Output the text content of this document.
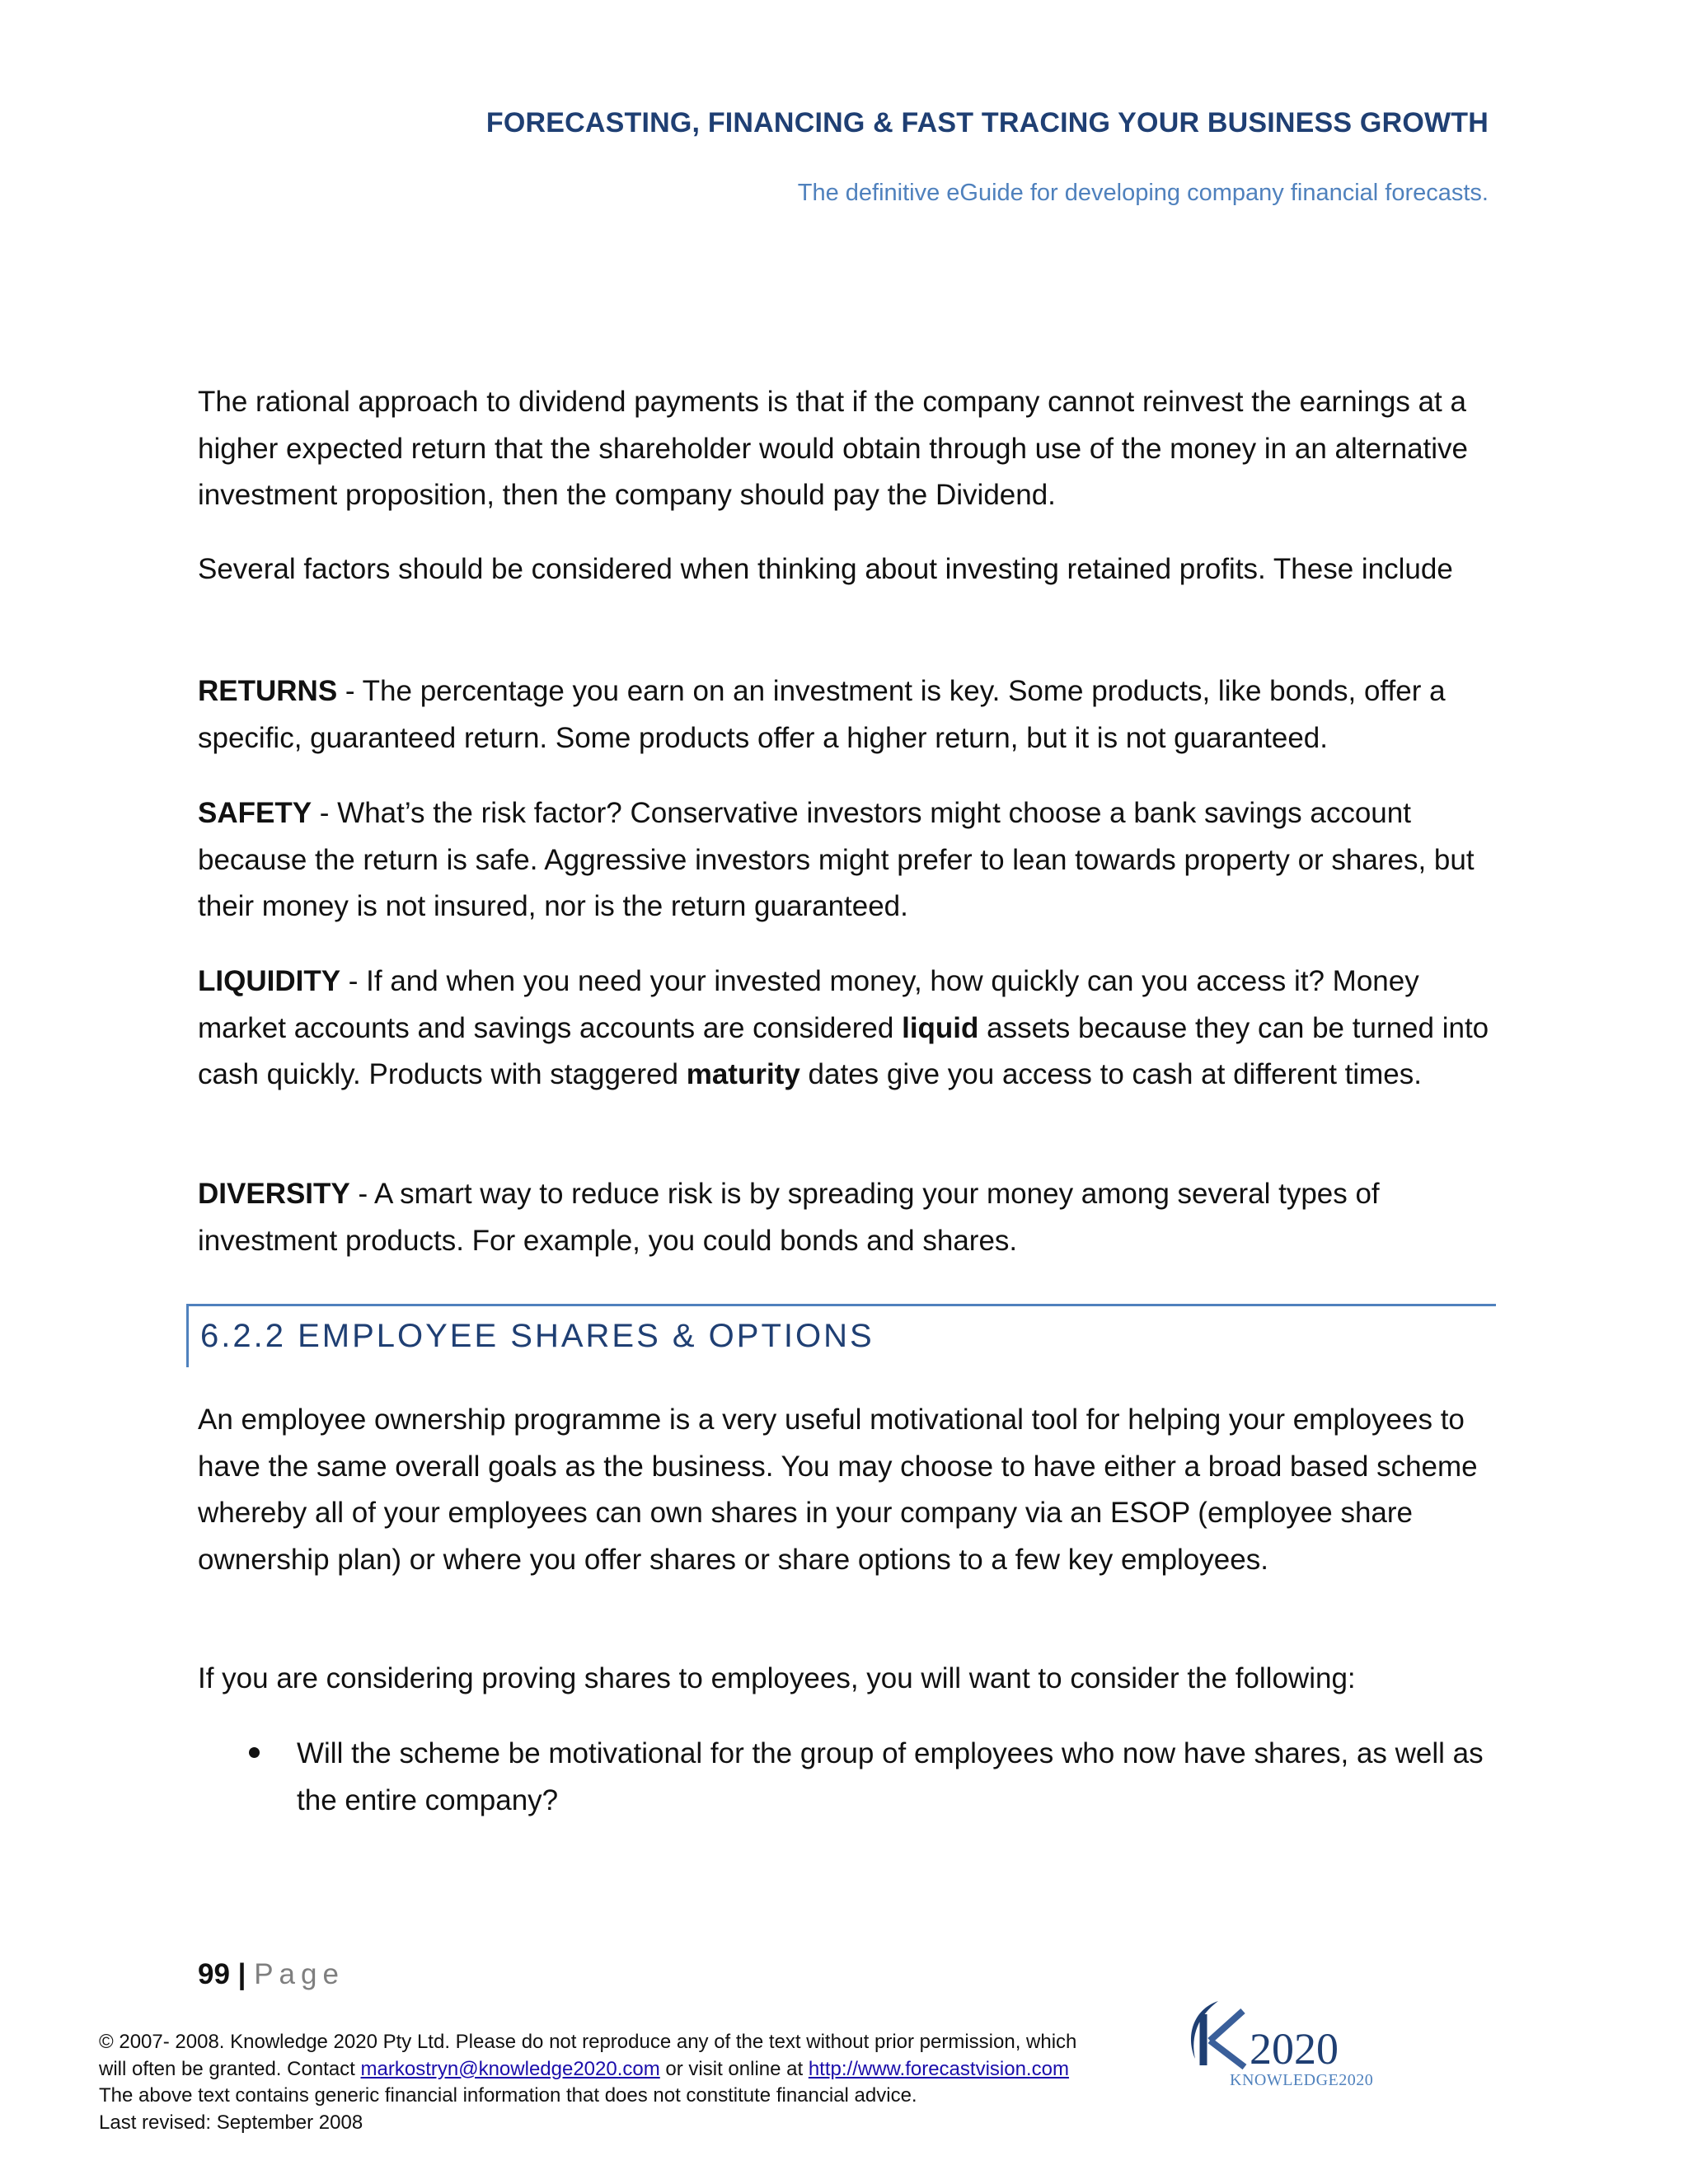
FORECASTING, FINANCING & FAST TRACING YOUR BUSINESS GROWTH
The definitive eGuide for developing company financial forecasts.

The rational approach to dividend payments is that if the company cannot reinvest the earnings at a higher expected return that the shareholder would obtain through use of the money in an alternative investment proposition, then the company should pay the Dividend.

Several factors should be considered when thinking about investing retained profits. These include

RETURNS - The percentage you earn on an investment is key. Some products, like bonds, offer a specific, guaranteed return. Some products offer a higher return, but it is not guaranteed.

SAFETY - What’s the risk factor? Conservative investors might choose a bank savings account because the return is safe. Aggressive investors might prefer to lean towards property or shares, but their money is not insured, nor is the return guaranteed.

LIQUIDITY - If and when you need your invested money, how quickly can you access it? Money market accounts and savings accounts are considered liquid assets because they can be turned into cash quickly. Products with staggered maturity dates give you access to cash at different times.

DIVERSITY - A smart way to reduce risk is by spreading your money among several types of investment products. For example, you could bonds and shares.

6.2.2 EMPLOYEE SHARES & OPTIONS

An employee ownership programme is a very useful motivational tool for helping your employees to have the same overall goals as the business. You may choose to have either a broad based scheme whereby all of your employees can own shares in your company via an ESOP (employee share ownership plan) or where you offer shares or share options to a few key employees.

If you are considering proving shares to employees, you will want to consider the following:

Will the scheme be motivational for the group of employees who now have shares, as well as the entire company?
99 | Page
© 2007- 2008. Knowledge 2020 Pty Ltd. Please do not reproduce any of the text without prior permission, which
will often be granted. Contact markostryn@knowledge2020.com or visit online at http://www.forecastvision.com
The above text contains generic financial information that does not constitute financial advice.
Last revised: September 2008
2020
KNOWLEDGE2020
